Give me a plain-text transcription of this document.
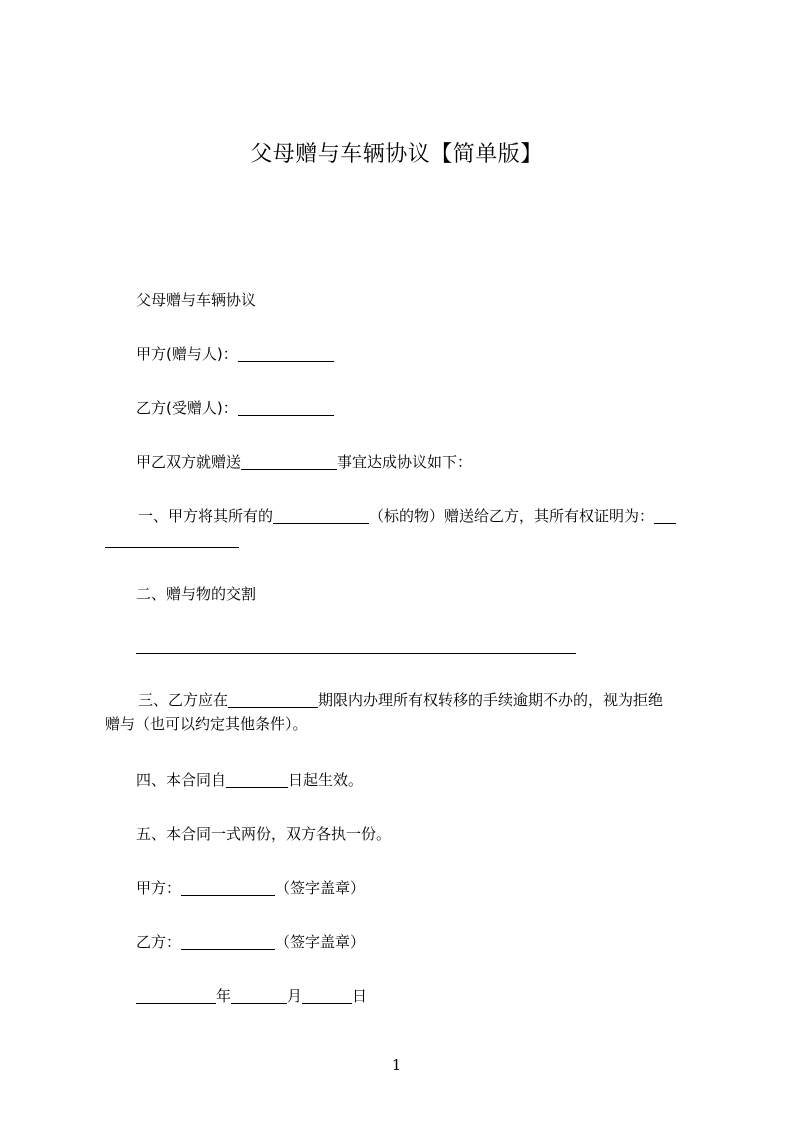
父母赠与车辆协议【简单版】
父母赠与车辆协议
甲方(赠与人)：
乙方(受赠人)：
甲乙双方就赠送	事宜达成协议如下：
一、甲方将其所有的	（标的物）赠送给乙方，其所有权证明为：

二、赠与物的交割
三、乙方应在	期限内办理所有权转移的手续逾期不办的，视为拒绝
赠与（也可以约定其他条件）。
四、本合同自	日起生效。
五、本合同一式两份，双方各执一份。
甲方：	（签字盖章）
乙方：	（签字盖章）
年	月	日
1
